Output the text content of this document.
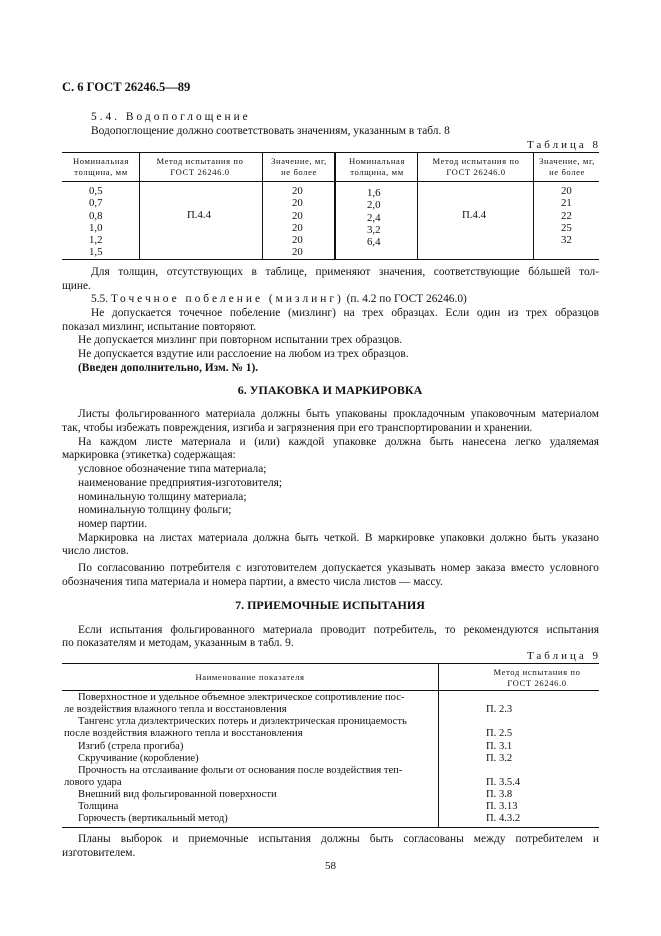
С. 6 ГОСТ 26246.5—89
5.4. Водопоглощение
Водопоглощение должно соответствовать значениям, указанным в табл. 8
Таблица 8
Номинальная толщина, мм
Метод испытания по ГОСТ 26246.0
Значение, мг, не более
Номинальная толщина, мм
Метод испытания по ГОСТ 26246.0
Значение, мг, не более
0,5
0,7
0,8
1,0
1,2
1,5
П.4.4
20
20
20
20
20
20
1,6
2,0
2,4
3,2
6,4
П.4.4
20
21
22
25
32
Для толщин, отсутствующих в таблице, применяют значения, соответствующие бóльшей тол-
щине.
5.5. Точечное побеление (мизлинг) (п. 4.2 по ГОСТ 26246.0)
Не допускается точечное побеление (мизлинг) на трех образцах. Если один из трех образцов
показал мизлинг, испытание повторяют.
Не допускается мизлинг при повторном испытании трех образцов.
Не допускается вздутие или расслоение на любом из трех образцов.
(Введен дополнительно, Изм. № 1).
6. УПАКОВКА И МАРКИРОВКА
Листы фольгированного материала должны быть упакованы прокладочным упаковочным материалом
так, чтобы избежать повреждения, изгиба и загрязнения при его транспортировании и хранении.
На каждом листе материала и (или) каждой упаковке должна быть нанесена легко удаляемая
маркировка (этикетка) содержащая:
условное обозначение типа материала;
наименование предприятия-изготовителя;
номинальную толщину материала;
номинальную толщину фольги;
номер партии.
Маркировка на листах материала должна быть четкой. В маркировке упаковки должно быть указано
число листов.
По согласованию потребителя с изготовителем допускается указывать номер заказа вместо условного
обозначения типа материала и номера партии, а вместо числа листов — массу.
7. ПРИЕМОЧНЫЕ ИСПЫТАНИЯ
Если испытания фольгированного материала проводит потребитель, то рекомендуются испытания
по показателям и методам, указанным в табл. 9.
Таблица 9
Наименование показателя	Метод испытания по ГОСТ 26246.0
Поверхностное и удельное объемное электрическое сопротивление пос-
ле воздействия влажного тепла и восстановления
Тангенс угла диэлектрических потерь и диэлектрическая проницаемость
после воздействия влажного тепла и восстановления
Изгиб (стрела прогиба)
Скручивание (коробление)
Прочность на отслаивание фольги от основания после воздействия теп-
лового удара
Внешний вид фольгированной поверхности
Толщина
Горючесть (вертикальный метод)
П. 2.3
П. 2.5
П. 3.1
П. 3.2
П. 3.5.4
П. 3.8
П. 3.13
П. 4.3.2
Планы выборок и приемочные испытания должны быть согласованы между потребителем и
изготовителем.
58
